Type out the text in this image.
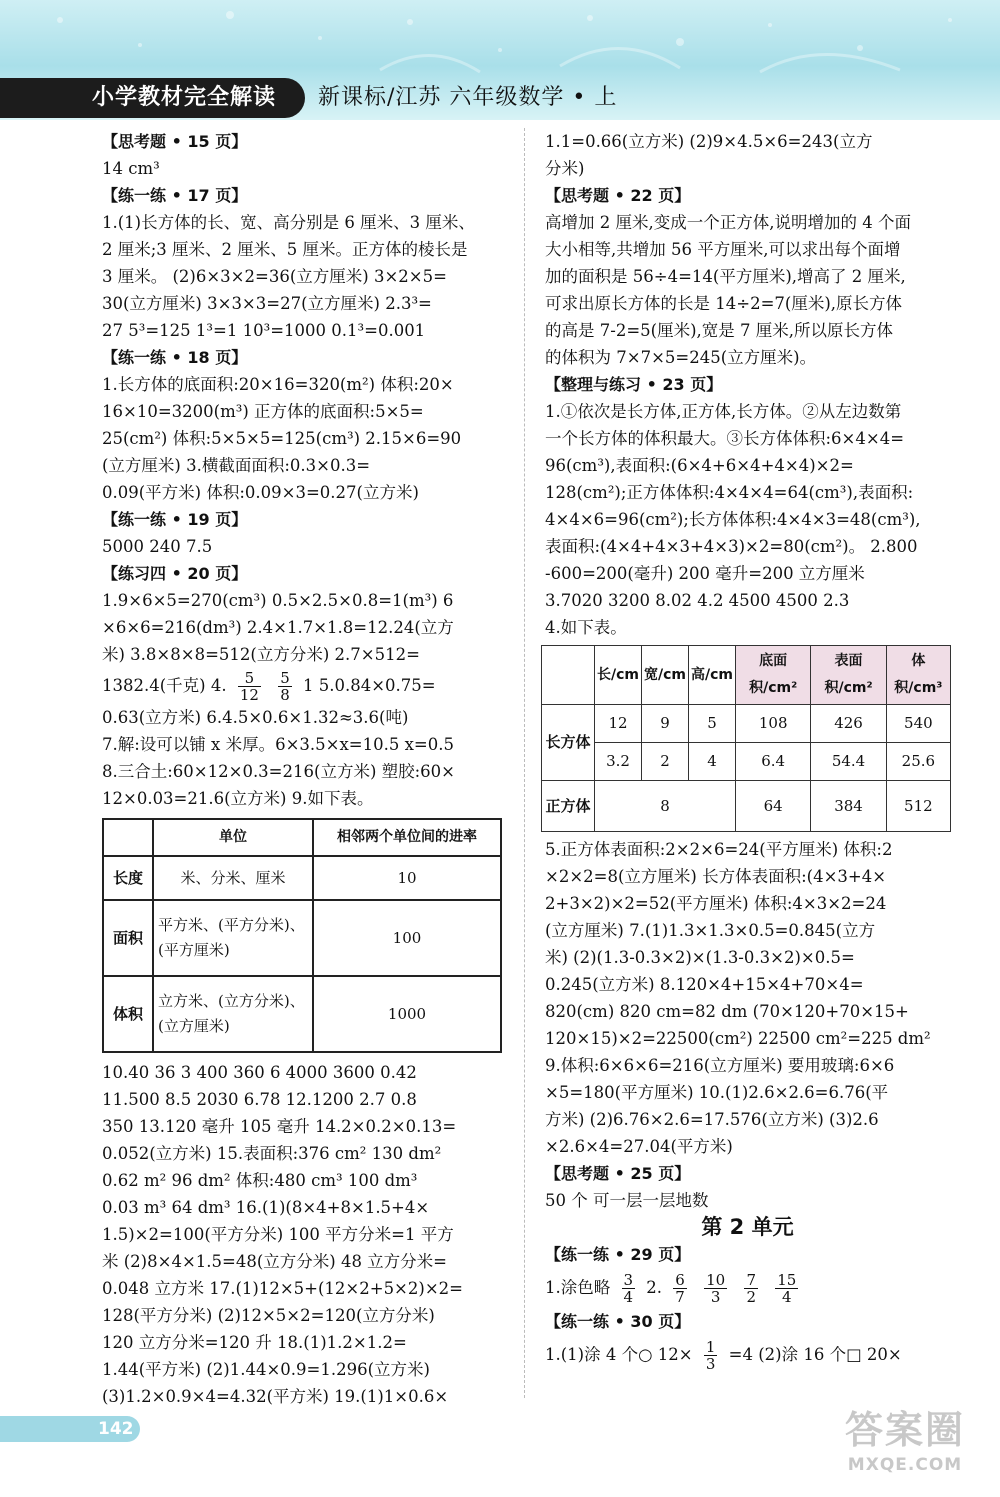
小学教材完全解读	新课标/江苏 六年级数学 • 上

【思考题 • 15 页】

14 cm³

【练一练 • 17 页】

1.(1)长方体的长、宽、高分别是 6 厘米、3 厘米、

2 厘米;3 厘米、2 厘米、5 厘米。正方体的棱长是

3 厘米。 (2)6×3×2=36(立方厘米) 3×2×5=

30(立方厘米) 3×3×3=27(立方厘米) 2.3³=

27 5³=125 1³=1 10³=1000 0.1³=0.001

【练一练 • 18 页】

1.长方体的底面积:20×16=320(m²) 体积:20×

16×10=3200(m³) 正方体的底面积:5×5=

25(cm²) 体积:5×5×5=125(cm³) 2.15×6=90

(立方厘米) 3.横截面面积:0.3×0.3=

0.09(平方米) 体积:0.09×3=0.27(立方米)

【练一练 • 19 页】

5000 240 7.5

【练习四 • 20 页】

1.9×6×5=270(cm³) 0.5×2.5×0.8=1(m³) 6

×6×6=216(dm³) 2.4×1.7×1.8=12.24(立方

米) 3.8×8×8=512(立方分米) 2.7×512=

1382.4(千克) 4. $\frac{5}{12}$
$\frac{5}{8} 1$ 5.0.84×0.75=

0.63(立方米) 6.4.5×0.6×1.32≈3.6(吨)

7.解:设可以铺 x 米厚。6×3.5×x=10.5 x=0.5

8.三合土:60×12×0.3=216(立方米) 塑胶:60×

12×0.03=21.6(立方米) 9.如下表。

	单位	相邻两个单位间的进率
长度	米、分米、厘米	10
面积	平方米、(平方分米)、(平方厘米)	100
体积	立方米、(立方分米)、(立方厘米)	1000

10.40 36 3 400 360 6 4000 3600 0.42

11.500 8.5 2030 6.78 12.1200 2.7 0.8

350 13.120 毫升 105 毫升 14.2×0.2×0.13=

0.052(立方米) 15.表面积:376 cm² 130 dm²

0.62 m² 96 dm² 体积:480 cm³ 100 dm³

0.03 m³ 64 dm³ 16.(1)(8×4+8×1.5+4×

1.5)×2=100(平方分米) 100 平方分米=1 平方

米 (2)8×4×1.5=48(立方分米) 48 立方分米=

0.048 立方米 17.(1)12×5+(12×2+5×2)×2=

128(平方分米) (2)12×5×2=120(立方分米)

120 立方分米=120 升 18.(1)1.2×1.2=

1.44(平方米) (2)1.44×0.9=1.296(立方米)

(3)1.2×0.9×4=4.32(平方米) 19.(1)1×0.6×

1.1=0.66(立方米) (2)9×4.5×6=243(立方

分米)

【思考题 • 22 页】

高增加 2 厘米,变成一个正方体,说明增加的 4 个面

大小相等,共增加 56 平方厘米,可以求出每个面增

加的面积是 56÷4=14(平方厘米),增高了 2 厘米,

可求出原长方体的长是 14÷2=7(厘米),原长方体

的高是 7-2=5(厘米),宽是 7 厘米,所以原长方体

的体积为 7×7×5=245(立方厘米)。

【整理与练习 • 23 页】

1.①依次是长方体,正方体,长方体。②从左边数第

一个长方体的体积最大。③长方体体积:6×4×4=

96(cm³),表面积:(6×4+6×4+4×4)×2=

128(cm²);正方体体积:4×4×4=64(cm³),表面积:

4×4×6=96(cm²);长方体体积:4×4×3=48(cm³),

表面积:(4×4+4×3+4×3)×2=80(cm²)。 2.800

-600=200(毫升) 200 毫升=200 立方厘米

3.7020 3200 8.02 4.2 4500 4500 2.3

4.如下表。

	长/cm	宽/cm	高/cm	底面积/cm²	表面积/cm²	体积/cm³
长方体	12	9	5	108	426	540
	3.2	2	4	6.4	54.4	25.6
正方体	8			64	384	512

5.正方体表面积:2×2×6=24(平方厘米) 体积:2

×2×2=8(立方厘米) 长方体表面积:(4×3+4×

2+3×2)×2=52(平方厘米) 体积:4×3×2=24

(立方厘米) 7.(1)1.3×1.3×0.5=0.845(立方

米) (2)(1.3-0.3×2)×(1.3-0.3×2)×0.5=

0.245(立方米) 8.120×4+15×4+70×4=

820(cm) 820 cm=82 dm (70×120+70×15+

120×15)×2=22500(cm²) 22500 cm²=225 dm²

9.体积:6×6×6=216(立方厘米) 要用玻璃:6×6

×5=180(平方厘米) 10.(1)2.6×2.6=6.76(平

方米) (2)6.76×2.6=17.576(立方米) (3)2.6

×2.6×4=27.04(平方米)

【思考题 • 25 页】

50 个 可一层一层地数

第 2 单元

【练一练 • 29 页】

1.涂色略 $\frac{3}{4} 2$. $\frac{6}{7}$
$\frac{10}{3}$
$\frac{7}{2}$
$\frac{15}{4}$

【练一练 • 30 页】

1.(1)涂 4 个○ $12\times \frac{1}{3} =4$ (2)涂 16 个□ 20×

142	答案圈
MXQE.COM
